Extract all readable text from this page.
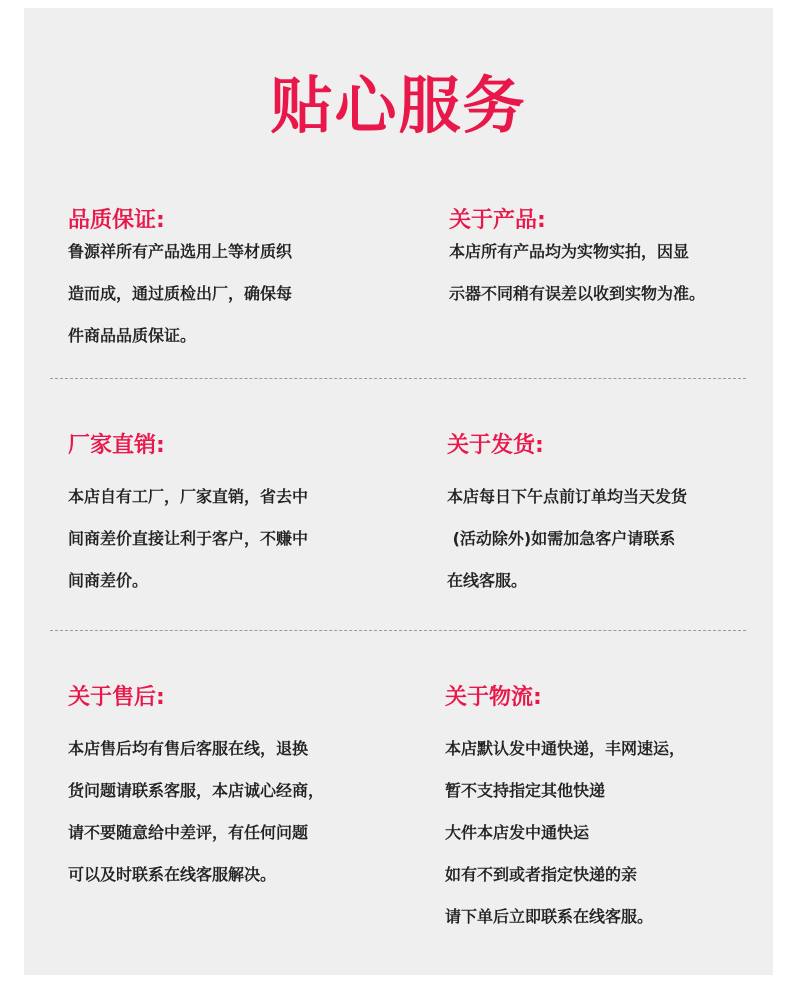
贴心服务

品质保证:

鲁源祥所有产品选用上等材质织

造而成，通过质检出厂，确保每

件商品品质保证。

关于产品:

本店所有产品均为实物实拍，因显

示器不同稍有误差以收到实物为准。

厂家直销:

本店自有工厂，厂家直销，省去中

间商差价直接让利于客户，不赚中

间商差价。

关于发货:

本店每日下午点前订单均当天发货

(活动除外)如需加急客户请联系

在线客服。

关于售后:

本店售后均有售后客服在线，退换

货问题请联系客服，本店诚心经商，

请不要随意给中差评，有任何问题

可以及时联系在线客服解决。

关于物流:

本店默认发中通快递，丰网速运，

暂不支持指定其他快递

大件本店发中通快运

如有不到或者指定快递的亲

请下单后立即联系在线客服。
